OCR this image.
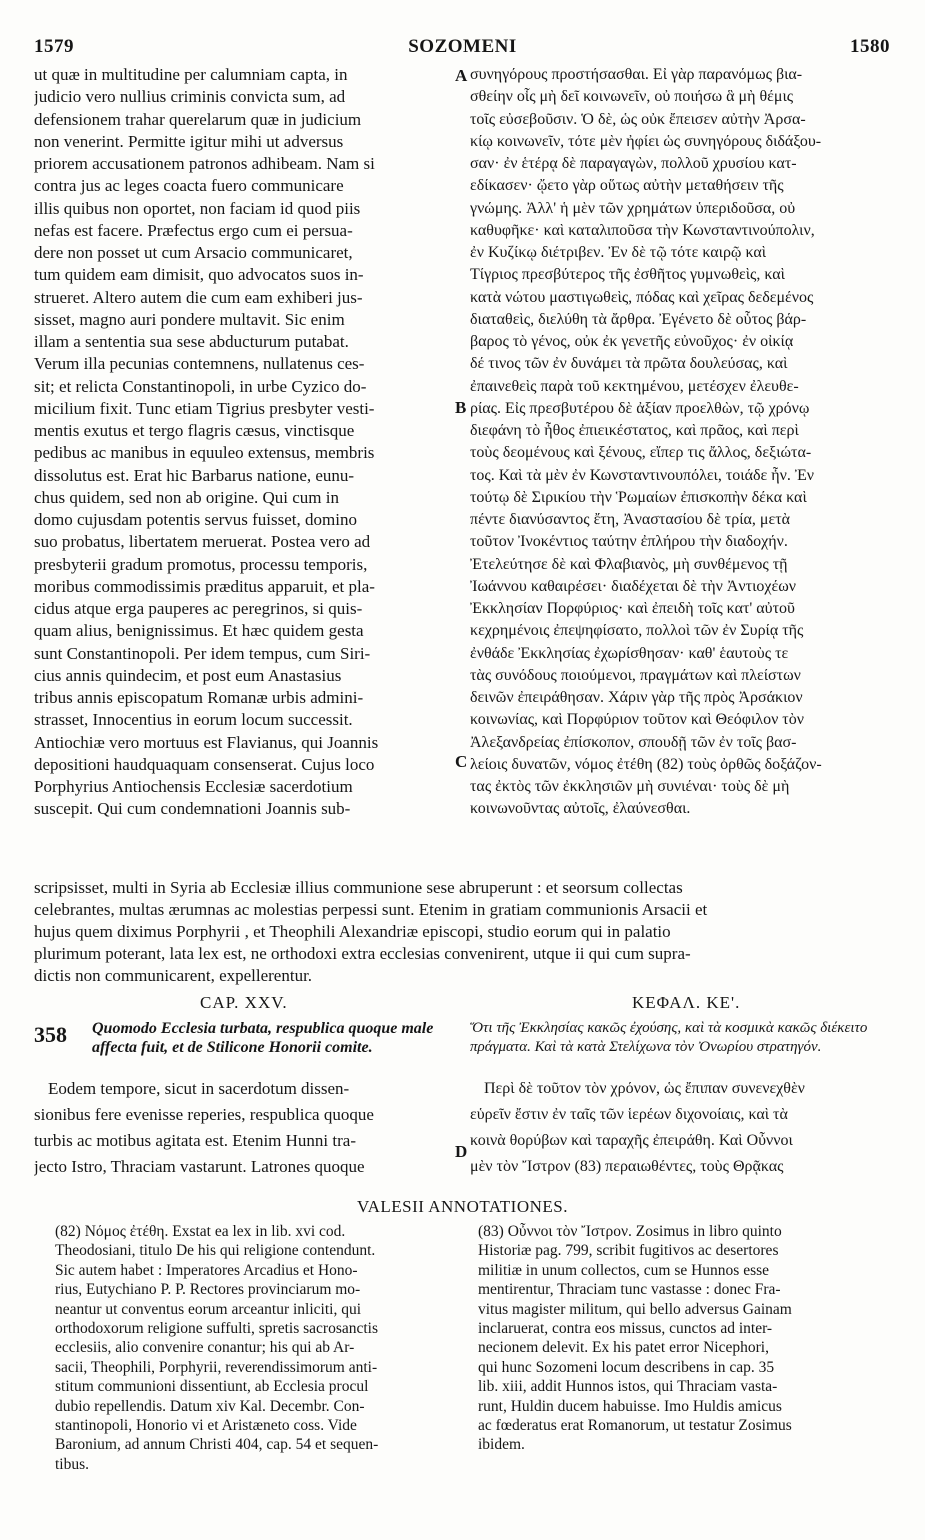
1579	SOZOMENI	1580
ut quæ in multitudine per calumniam capta, in
judicio vero nullius criminis convicta sum, ad
defensionem trahar querelarum quæ in judicium
non venerint. Permitte igitur mihi ut adversus
priorem accusationem patronos adhibeam. Nam si
contra jus ac leges coacta fuero communicare
illis quibus non oportet, non faciam id quod piis
nefas est facere. Præfectus ergo cum ei persua-
dere non posset ut cum Arsacio communicaret,
tum quidem eam dimisit, quo advocatos suos in-
strueret. Altero autem die cum eam exhiberi jus-
sisset, magno auri pondere multavit. Sic enim
illam a sententia sua sese abducturum putabat.
Verum illa pecunias contemnens, nullatenus ces-
sit; et relicta Constantinopoli, in urbe Cyzico do-
micilium fixit. Tunc etiam Tigrius presbyter vesti-
mentis exutus et tergo flagris cæsus, vinctisque
pedibus ac manibus in equuleo extensus, membris
dissolutus est. Erat hic Barbarus natione, eunu-
chus quidem, sed non ab origine. Qui cum in
domo cujusdam potentis servus fuisset, domino
suo probatus, libertatem meruerat. Postea vero ad
presbyterii gradum promotus, processu temporis,
moribus commodissimis præditus apparuit, et pla-
cidus atque erga pauperes ac peregrinos, si quis-
quam alius, benignissimus. Et hæc quidem gesta
sunt Constantinopoli. Per idem tempus, cum Siri-
cius annis quindecim, et post eum Anastasius
tribus annis episcopatum Romanæ urbis admini-
strasset, Innocentius in eorum locum successit.
Antiochiæ vero mortuus est Flavianus, qui Joannis
depositioni haudquaquam consenserat. Cujus loco
Porphyrius Antiochensis Ecclesiæ sacerdotium
suscepit. Qui cum condemnationi Joannis sub-
A
B
C
D
συνηγόρους προστήσασθαι. Εἰ γὰρ παρανόμως βια-
σθείην οἷς μὴ δεῖ κοινωνεῖν, οὐ ποιήσω ἃ μὴ θέμις
τοῖς εὐσεβοῦσιν. Ὁ δὲ, ὡς οὐκ ἔπεισεν αὐτὴν Ἀρσα-
κίῳ κοινωνεῖν, τότε μὲν ἠφίει ὡς συνηγόρους διδάξου-
σαν· ἐν ἑτέρᾳ δὲ παραγαγὼν, πολλοῦ χρυσίου κατ-
εδίκασεν· ᾤετο γὰρ οὕτως αὐτὴν μεταθήσειν τῆς
γνώμης. Ἀλλ' ἡ μὲν τῶν χρημάτων ὑπεριδοῦσα, οὐ
καθυφῆκε· καὶ καταλιποῦσα τὴν Κωνσταντινούπολιν,
ἐν Κυζίκῳ διέτριβεν. Ἐν δὲ τῷ τότε καιρῷ καὶ
Τίγριος πρεσβύτερος τῆς ἐσθῆτος γυμνωθεὶς, καὶ
κατὰ νώτου μαστιγωθεὶς, πόδας καὶ χεῖρας δεδεμένος
διαταθεὶς, διελύθη τὰ ἄρθρα. Ἐγένετο δὲ οὗτος βάρ-
βαρος τὸ γένος, οὐκ ἐκ γενετῆς εὐνοῦχος· ἐν οἰκίᾳ
δέ τινος τῶν ἐν δυνάμει τὰ πρῶτα δουλεύσας, καὶ
ἐπαινεθεὶς παρὰ τοῦ κεκτημένου, μετέσχεν ἐλευθε-
ρίας. Εἰς πρεσβυτέρου δὲ ἀξίαν προελθὼν, τῷ χρόνῳ
διεφάνη τὸ ἦθος ἐπιεικέστατος, καὶ πρᾶος, καὶ περὶ
τοὺς δεομένους καὶ ξένους, εἴπερ τις ἄλλος, δεξιώτα-
τος. Καὶ τὰ μὲν ἐν Κωνσταντινουπόλει, τοιάδε ἦν. Ἐν
τούτῳ δὲ Σιρικίου τὴν Ῥωμαίων ἐπισκοπὴν δέκα καὶ
πέντε διανύσαντος ἔτη, Ἀναστασίου δὲ τρία, μετὰ
τοῦτον Ἰνοκέντιος ταύτην ἐπλήρου τὴν διαδοχήν.
Ἐτελεύτησε δὲ καὶ Φλαβιανὸς, μὴ συνθέμενος τῇ
Ἰωάννου καθαιρέσει· διαδέχεται δὲ τὴν Ἀντιοχέων
Ἐκκλησίαν Πορφύριος· καὶ ἐπειδὴ τοῖς κατ' αὐτοῦ
κεχρημένοις ἐπεψηφίσατο, πολλοὶ τῶν ἐν Συρίᾳ τῆς
ἐνθάδε Ἐκκλησίας ἐχωρίσθησαν· καθ' ἑαυτοὺς τε
τὰς συνόδους ποιούμενοι, πραγμάτων καὶ πλείστων
δεινῶν ἐπειράθησαν. Χάριν γὰρ τῆς πρὸς Ἀρσάκιον
κοινωνίας, καὶ Πορφύριον τοῦτον καὶ Θεόφιλον τὸν
Ἀλεξανδρείας ἐπίσκοπον, σπουδῇ τῶν ἐν τοῖς βασ-
λείοις δυνατῶν, νόμος ἐτέθη (82) τοὺς ὀρθῶς δοξάζον-
τας ἐκτὸς τῶν ἐκκλησιῶν μὴ συνιέναι· τοὺς δὲ μὴ
κοινωνοῦντας αὐτοῖς, ἐλαύνεσθαι.
scripsisset, multi in Syria ab Ecclesiæ illius communione sese abruperunt : et seorsum collectas
celebrantes, multas ærumnas ac molestias perpessi sunt. Etenim in gratiam communionis Arsacii et
hujus quem diximus Porphyrii , et Theophili Alexandriæ episcopi, studio eorum qui in palatio
plurimum poterant, lata lex est, ne orthodoxi extra ecclesias convenirent, utque ii qui cum supra-
dictis non communicarent, expellerentur.
CAP. XXV.	ΚΕΦΑΛ. ΚΕ'.
358 Quomodo Ecclesia turbata, respublica quoque male affecta fuit, et de Stilicone Honorii comite.
Ὅτι τῆς Ἐκκλησίας κακῶς ἐχούσης, καὶ τὰ κοσμικὰ κακῶς διέκειτο πράγματα. Καὶ τὰ κατὰ Στελίχωνα τὸν Ὀνωρίου στρατηγόν.
Eodem tempore, sicut in sacerdotum dissen-
sionibus fere evenisse reperies, respublica quoque
turbis ac motibus agitata est. Etenim Hunni tra-
jecto Istro, Thraciam vastarunt. Latrones quoque
Περὶ δὲ τοῦτον τὸν χρόνον, ὡς ἔπιπαν συνενεχθὲν
εὑρεῖν ἔστιν ἐν ταῖς τῶν ἱερέων διχονοίαις, καὶ τὰ
κοινὰ θορύβων καὶ ταραχῆς ἐπειράθη. Καὶ Οὖννοι
μὲν τὸν Ἴστρον (83) περαιωθέντες, τοὺς Θρᾷκας
VALESII ANNOTATIONES.
(82) Νόμος ἐτέθη. Exstat ea lex in lib. xvi cod.
Theodosiani, titulo De his qui religione contendunt.
Sic autem habet : Imperatores Arcadius et Hono-
rius, Eutychiano P. P. Rectores provinciarum mo-
neantur ut conventus eorum arceantur inliciti, qui
orthodoxorum religione suffulti, spretis sacrosanctis
ecclesiis, alio convenire conantur; his qui ab Ar-
sacii, Theophili, Porphyrii, reverendissimorum anti-
stitum communioni dissentiunt, ab Ecclesia procul
dubio repellendis. Datum xiv Kal. Decembr. Con-
stantinopoli, Honorio vi et Aristæneto coss. Vide
Baronium, ad annum Christi 404, cap. 54 et sequen-
tibus.
(83) Οὖννοι τὸν Ἴστρον. Zosimus in libro quinto
Historiæ pag. 799, scribit fugitivos ac desertores
militiæ in unum collectos, cum se Hunnos esse
mentirentur, Thraciam tunc vastasse : donec Fra-
vitus magister militum, qui bello adversus Gainam
inclaruerat, contra eos missus, cunctos ad inter-
necionem delevit. Ex his patet error Nicephori,
qui hunc Sozomeni locum describens in cap. 35
lib. xiii, addit Hunnos istos, qui Thraciam vasta-
runt, Huldin ducem habuisse. Imo Huldis amicus
ac fœderatus erat Romanorum, ut testatur Zosimus
ibidem.
